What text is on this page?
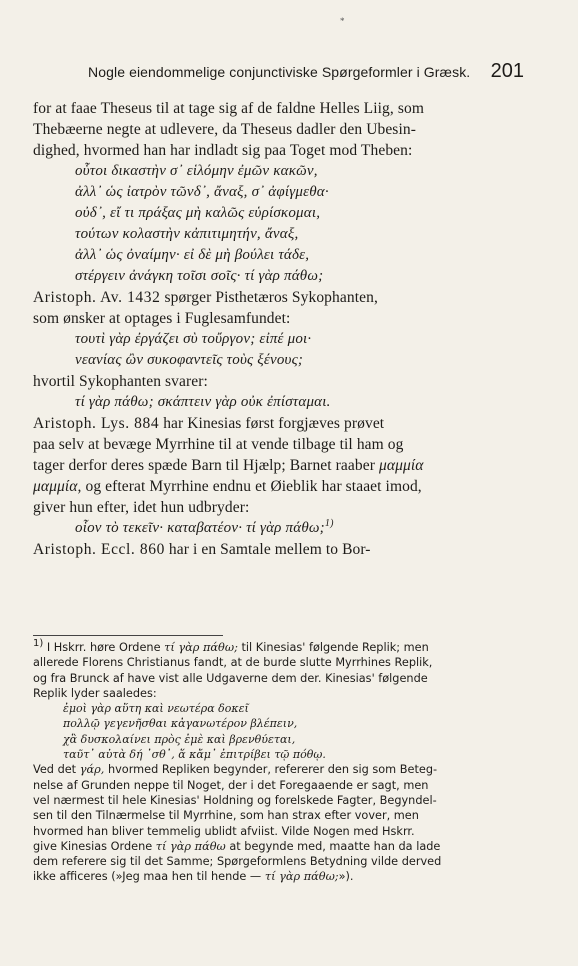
*
Nogle eiendommelige conjunctiviske Spørgeformler i Græsk. 201
for at faae Theseus til at tage sig af de faldne Helles Liig, som
Thebæerne negte at udlevere, da Theseus dadler den Ubesin-
dighed, hvormed han har indladt sig paa Toget mod Theben:
οὗτοι δικαστὴν σ᾽ εἱλόμην ἐμῶν κακῶν,
ἀλλ᾽ ὡς ἰατρὸν τῶνδ᾽, ἄναξ, σ᾽ ἀφίγμεθα·
οὐδ᾽, εἴ τι πράξας μὴ καλῶς εὑρίσκομαι,
τούτων κολαστὴν κἀπιτιμητήν, ἄναξ,
ἀλλ᾽ ὡς ὀναίμην· εἰ δὲ μὴ βούλει τάδε,
στέργειν ἀνάγκη τοῖσι σοῖς· τί γὰρ πάθω;
Aristoph. Av. 1432 spørger Pisthetæros Sykophanten,
som ønsker at optages i Fuglesamfundet:
τουτὶ γὰρ ἐργάζει σὺ τοὔργον; εἰπέ μοι·
νεανίας ὢν συκοφαντεῖς τοὺς ξένους;
hvortil Sykophanten svarer:
τί γὰρ πάθω; σκάπτειν γὰρ οὐκ ἐπίσταμαι.
Aristoph. Lys. 884 har Kinesias først forgjæves prøvet
paa selv at bevæge Myrrhine til at vende tilbage til ham og
tager derfor deres spæde Barn til Hjælp; Barnet raaber μαμμία
μαμμία, og efterat Myrrhine endnu et Øieblik har staaet imod,
giver hun efter, idet hun udbryder:
οἷον τὸ τεκεῖν· καταβατέον· τί γὰρ πάθω;$^{1)}$
Aristoph. Eccl. 860 har i en Samtale mellem to Bor-
$^{1)}$ I Hskrr. høre Ordene τί γὰρ πάθω; til Kinesias' følgende Replik; men
allerede Florens Christianus fandt, at de burde slutte Myrrhines Replik,
og fra Brunck af have vist alle Udgaverne dem der. Kinesias' følgende
Replik lyder saaledes:
ἐμοὶ γὰρ αὕτη καὶ νεωτέρα δοκεῖ
πολλῷ γεγενῆσθαι κἀγανωτέρον βλέπειν,
χἃ δυσκολαίνει πρὸς ἐμὲ καὶ βρενθύεται,
ταῦτ᾽ αὐτὰ δή ᾽σθ᾽, ἅ κἄμ᾽ ἐπιτρίβει τῷ πόθῳ.
Ved det γάρ, hvormed Repliken begynder, refererer den sig som Beteg-
nelse af Grunden neppe til Noget, der i det Foregaaende er sagt, men
vel nærmest til hele Kinesias' Holdning og forelskede Fagter, Begyndel-
sen til den Tilnærmelse til Myrrhine, som han strax efter vover, men
hvormed han bliver temmelig ublidt afviist. Vilde Nogen med Hskrr.
give Kinesias Ordene τί γὰρ πάθω at begynde med, maatte han da lade
dem referere sig til det Samme; Spørgeformlens Betydning vilde derved
ikke afficeres (»Jeg maa hen til hende — τί γὰρ πάθω;»).
